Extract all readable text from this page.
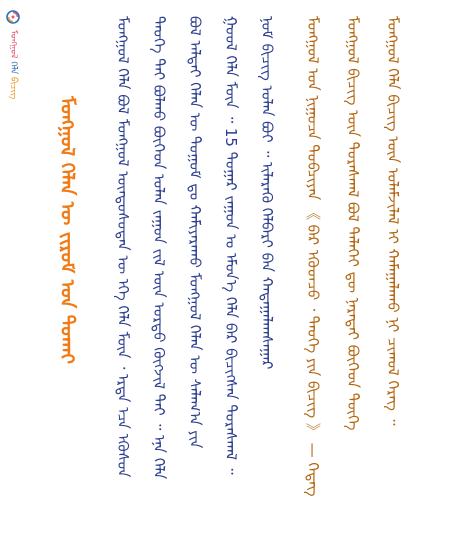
ᠮᠣᠩᠭᠣᠯ ᠬᠡᠯᠡ ᠪᠢᠴᠢᠭ
ᠮᠣᠩᠭᠣᠯ ᠬᠡᠯᠡᠨ ᠦ ᠵᠢᠷᠤᠮ ᠤᠨ ᠲᠤᠬᠠᠢ	ᠮᠣᠩᠭᠣᠯ ᠬᠡᠯᠡ ᠪᠣᠯ ᠮᠣᠩᠭᠣᠯ ᠦᠨᠳᠦᠰᠦᠲᠡᠨ ᠦ ᠡᠬᠡ ᠬᠡᠯᠡ ᠮᠥᠨ ᠂ ᠡᠷᠲᠡ ᠡᠴᠡ ᠡᠭᠦᠰᠦᠨ ᠲᠡᠦᠬᠡ ᠲᠠᠢ ᠪᠣᠯᠬᠣ ᠪᠥᠭᠡᠳ ᠣᠯᠠᠨ ᠵᠠᠭᠤᠨ ᠵᠢᠯ ᠦᠨ ᠤᠷᠲᠤ ᠬᠥᠭᠵᠢᠯ ᠲᠡᠢ ᠃ ᠡᠨᠡ ᠬᠡᠯᠡ ᠪᠣᠯ ᠠᠯᠲᠠᠢ ᠬᠡᠯᠡᠨ ᠦ ᠲᠣᠭᠣᠮ ᠳᠤ ᠬᠠᠮᠢᠶᠠᠷᠠᠬᠤ ᠮᠣᠩᠭᠣᠯ ᠬᠡᠯᠡᠨ ᠦ ᠰᠠᠯᠠᠭ᠎ᠠ ᠶᠢᠨ ᠭᠣᠣᠯ ᠬᠡᠯᠡ ᠮᠥᠨ ᠃ 15 ᠳᠤᠭᠠᠷ ᠵᠠᠭᠤᠨ ᠤ ᠡᠮᠦᠨ᠎ᠡ ᠬᠡᠯᠡ ᠪᠠᠷ ᠪᠢᠴᠢᠭᠰᠡᠨ ᠳᠤᠷᠠᠰᠬᠠᠯ ᠃ ᠨᠣᠮ ᠪᠢᠴᠢᠭ ᠣᠯᠠᠨ ᠪᠣᠢ ᠃ ᠢᠯᠡᠷᠡᠬᠦ ᠬᠡᠯᠪᠡᠷᠢ ᠪᠠᠨ ᠬᠠᠳᠠᠭᠠᠯᠠᠭᠰᠠᠭᠠᠷ ᠮᠣᠩᠭᠣᠯ ᠤᠨ ᠨᠢᠭᠤᠴᠠ ᠲᠣᠪᠴᠢᠶᠠᠨ 《 ᠪᠠᠷ ᠡᠭᠦᠳᠴᠦ ᠂ ᠲᠡᠦᠬᠡ ᠶᠢᠨ ᠪᠢᠴᠢᠭ 》 — ᠭᠡᠳᠡᠭ ᠮᠣᠩᠭᠣᠯ ᠪᠢᠴᠢᠭ ᠦᠨ ᠳᠤᠷᠠᠰᠬᠠᠯ ᠪᠣᠯ ᠳᠡᠯᠡᠬᠡᠢ ᠳᠦ ᠨᠡᠷᠡᠲᠡᠢ ᠪᠥᠭᠡᠳ ᠲᠦᠬᠡ ᠮᠣᠩᠭᠣᠯ ᠬᠡᠯᠡ ᠪᠢᠴᠢᠭ ᠦᠨ ᠤᠯᠠᠮᠵᠢᠯᠠᠯ ᠢ ᠬᠠᠮᠠᠭᠠᠯᠠᠬᠤ ᠨᠢ ᠴᠢᠬᠤᠯ ᠬᠡᠷᠡᠭ ᠃
